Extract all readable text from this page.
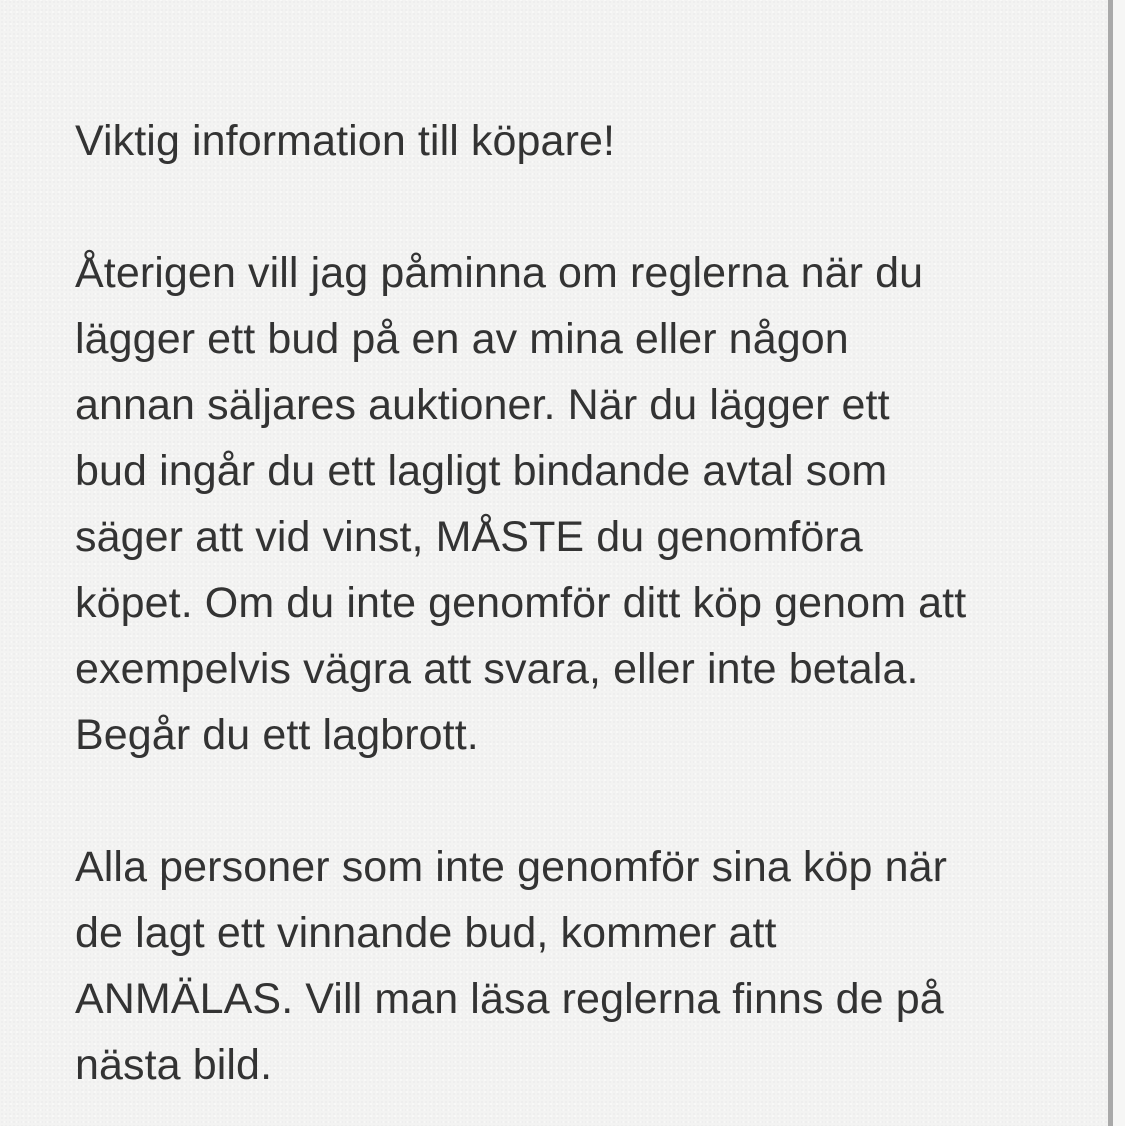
Viktig information till köpare!
Återigen vill jag påminna om reglerna när du
lägger ett bud på en av mina eller någon
annan säljares auktioner. När du lägger ett
bud ingår du ett lagligt bindande avtal som
säger att vid vinst, MÅSTE du genomföra
köpet. Om du inte genomför ditt köp genom att
exempelvis vägra att svara, eller inte betala.
Begår du ett lagbrott.
Alla personer som inte genomför sina köp när
de lagt ett vinnande bud, kommer att
ANMÄLAS. Vill man läsa reglerna finns de på
nästa bild.
